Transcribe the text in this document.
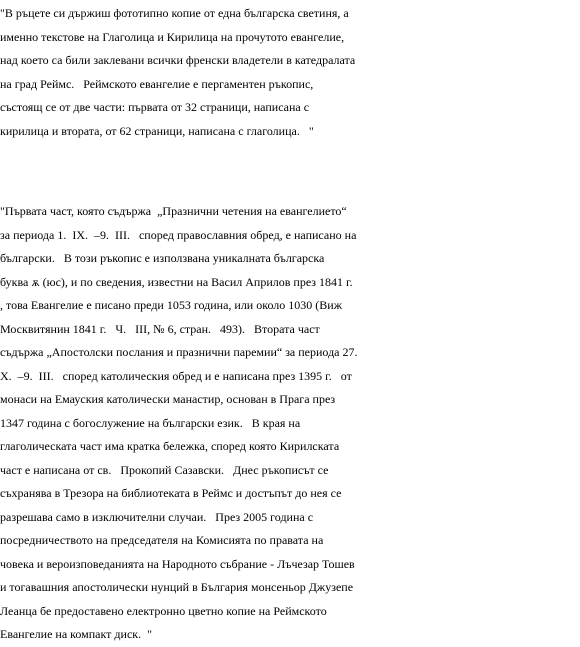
"В ръцете си държиш фототипно копие от една българска светиня, а
именно текстове на Глаголица и Кирилица на прочутото евангелие,
над което са били заклевани всички френски владетели в катедралата
на град Реймс.   Реймското евангелие е пергаментен ръкопис,
състоящ се от две части: първата от 32 страници, написана с
кирилица и втората, от 62 страници, написана с глаголица.   "
"Първата част, която съдържа  „Празнични четения на евангелието“
за периода 1.  IX.  –9.  III.   според православния обред, е написано на
български.   В този ръкопис е използвана уникалната българска
буква ѫ (юс), и по сведения, известни на Васил Априлов през 1841 г.
, това Евангелие е писано преди 1053 година, или около 1030 (Виж
Москвитянин 1841 г.   Ч.   III, № 6, стран.   493).   Втората част
съдържа „Апостолски послания и празнични паремии“ за периода 27.
Х.  –9.  III.   според католическия обред и е написана през 1395 г.   от
монаси на Емауския католически манастир, основан в Прага през
1347 година с богослужение на български език.   В края на
глаголическата част има кратка бележка, според която Кирилската
част е написана от св.   Прокопий Сазавски.   Днес ръкописът се
съхранява в Трезора на библиотеката в Реймс и достъпът до нея се
разрешава само в изключителни случаи.   През 2005 година с
посредничеството на председателя на Комисията по правата на
човека и вероизповеданията на Народното събрание - Лъчезар Тошев
и тогавашния апостолически нунций в България монсеньор Джузепе
Леанца бе предоставено електронно цветно копие на Реймското
Евангелие на компакт диск.  "
